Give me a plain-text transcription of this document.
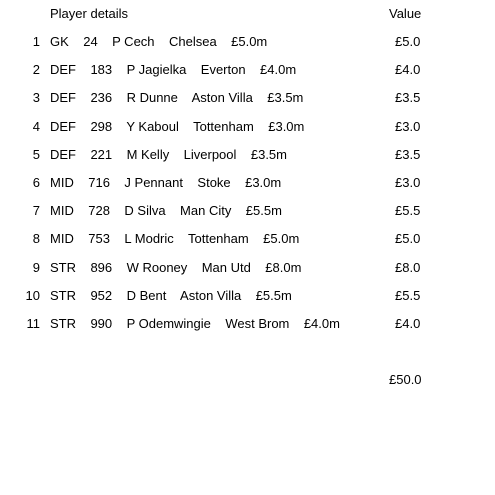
Player details	Value
1 GK    24    P Cech    Chelsea    £5.0m	£5.0
2 DEF    183    P Jagielka    Everton    £4.0m	£4.0
3 DEF    236    R Dunne    Aston Villa    £3.5m	£3.5
4 DEF    298    Y Kaboul    Tottenham    £3.0m	£3.0
5 DEF    221    M Kelly    Liverpool    £3.5m	£3.5
6 MID    716    J Pennant    Stoke    £3.0m	£3.0
7 MID    728    D Silva    Man City    £5.5m	£5.5
8 MID    753    L Modric    Tottenham    £5.0m	£5.0
9 STR    896    W Rooney    Man Utd    £8.0m	£8.0
10 STR    952    D Bent    Aston Villa    £5.5m	£5.5
11 STR    990    P Odemwingie    West Brom    £4.0m	£4.0
£50.0
